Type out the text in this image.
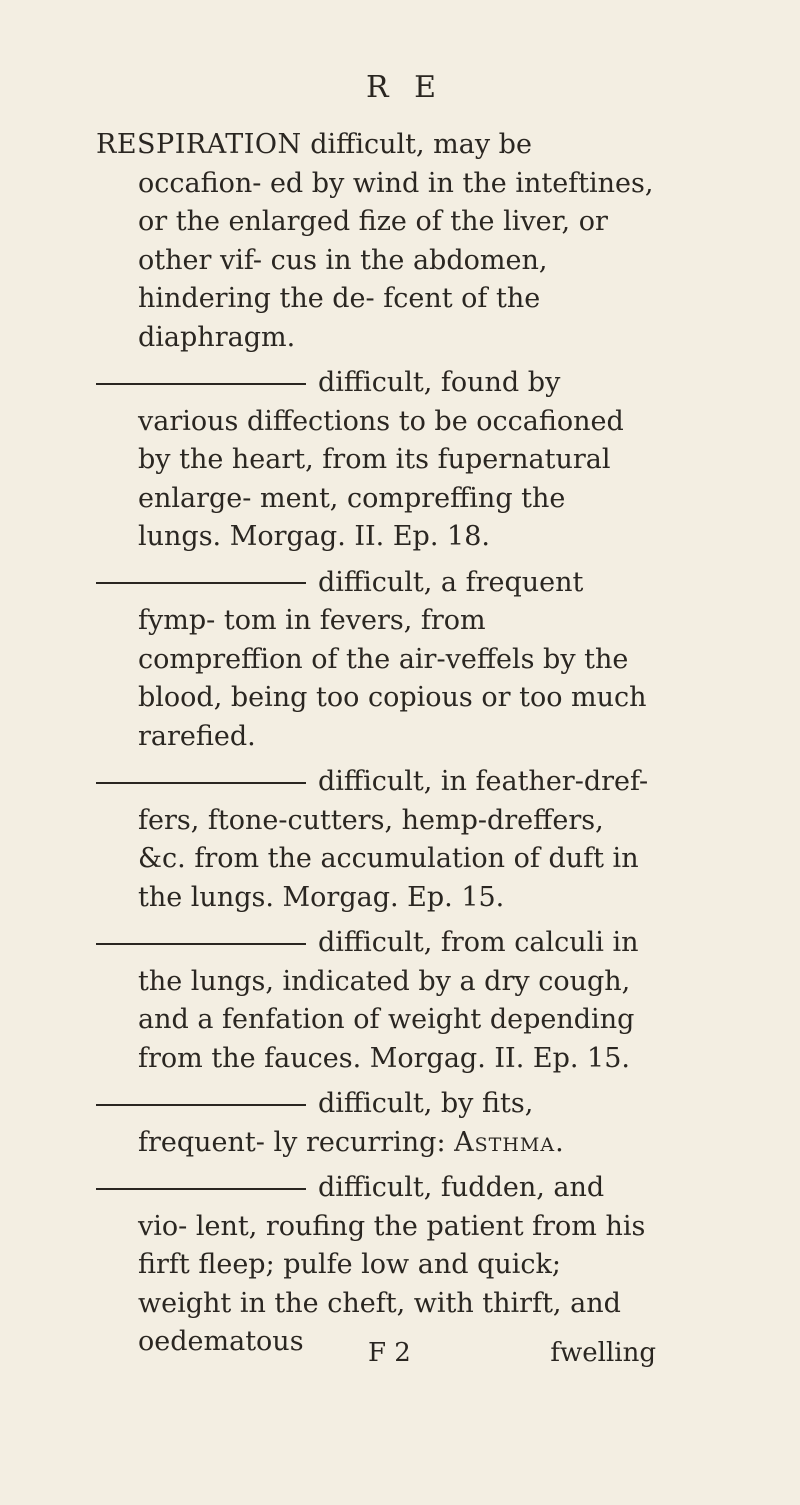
R E

RESPIRATION difficult, may be occafion- ed by wind in the inteftines, or the enlarged fize of the liver, or other vif- cus in the abdomen, hindering the de- fcent of the diaphragm.

difficult, found by various diffections to be occafioned by the heart, from its fupernatural enlarge- ment, compreffing the lungs. Morgag. II. Ep. 18.

difficult, a frequent fymp- tom in fevers, from compreffion of the air-veffels by the blood, being too copious or too much rarefied.

difficult, in feather-dref- fers, ftone-cutters, hemp-dreffers, &c. from the accumulation of duft in the lungs. Morgag. Ep. 15.

difficult, from calculi in the lungs, indicated by a dry cough, and a fenfation of weight depending from the fauces. Morgag. II. Ep. 15.

difficult, by fits, frequent- ly recurring: Asthma.

difficult, fudden, and vio- lent, roufing the patient from his firft fleep; pulfe low and quick; weight in the cheft, with thirft, and oedematous	F 2	fwelling
